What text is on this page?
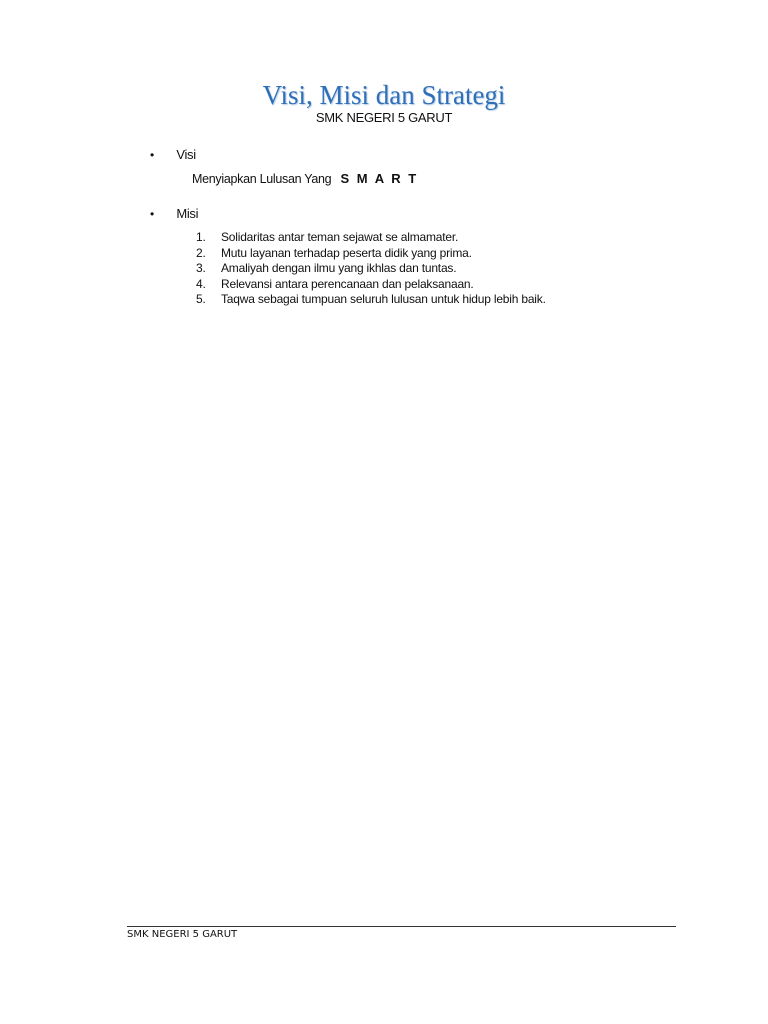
Visi, Misi dan Strategi
SMK NEGERI 5 GARUT
• Visi
Menyiapkan Lulusan Yang S M A R T
• Misi
1. Solidaritas antar teman sejawat se almamater.
2. Mutu layanan terhadap peserta didik yang prima.
3. Amaliyah dengan ilmu yang ikhlas dan tuntas.
4. Relevansi antara perencanaan dan pelaksanaan.
5. Taqwa sebagai tumpuan seluruh lulusan untuk hidup lebih baik.
SMK NEGERI 5 GARUT
